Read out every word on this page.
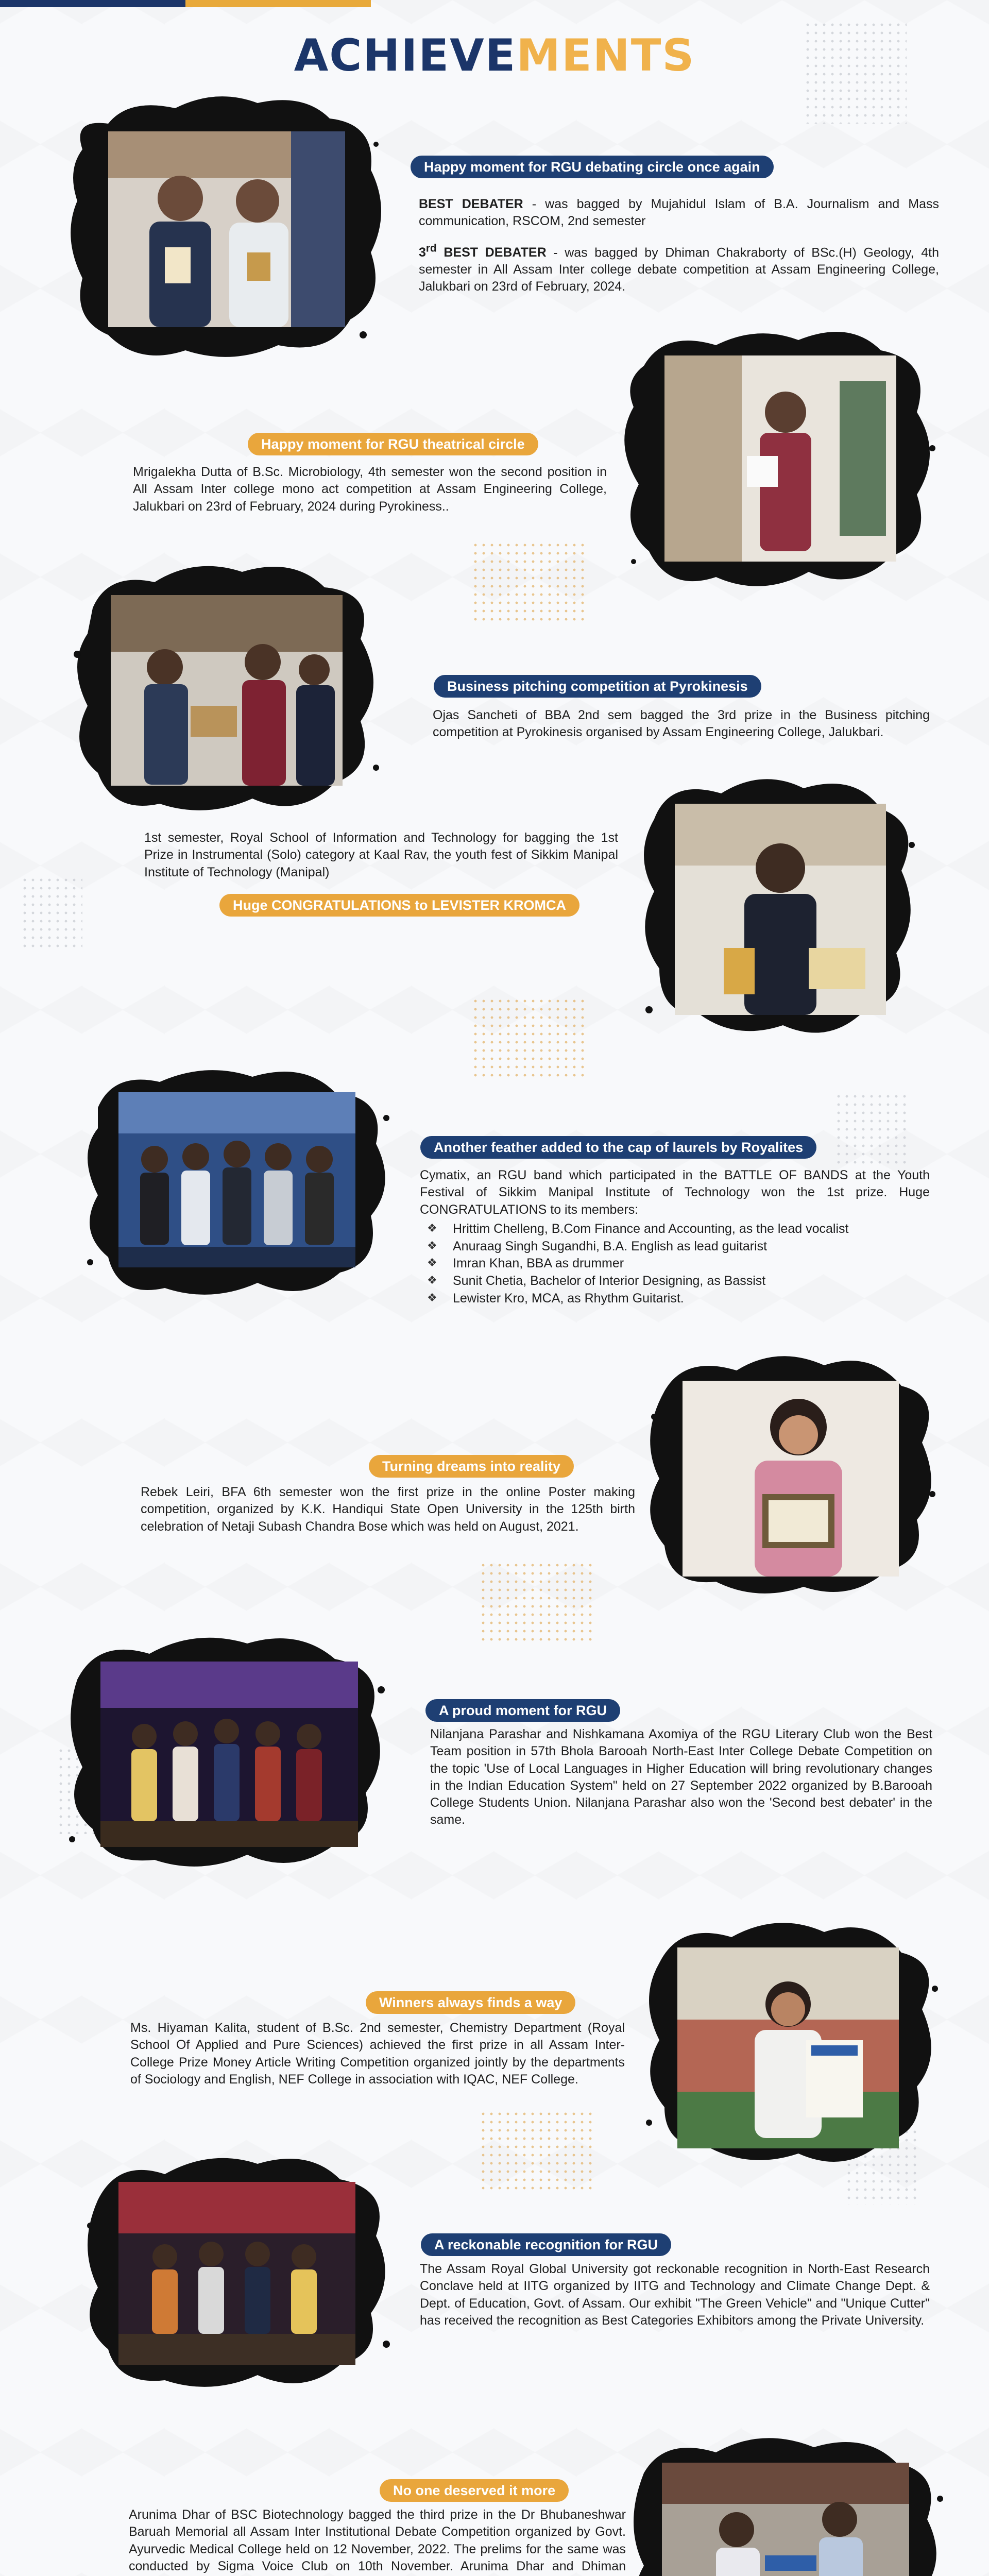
ACHIEVEMENTS
Happy moment for RGU debating circle once again

BEST DEBATER - was bagged by Mujahidul Islam of B.A. Journalism and Mass communication, RSCOM, 2nd semester

3rd BEST DEBATER - was bagged by Dhiman Chakraborty of BSc.(H) Geology, 4th semester in All Assam Inter college debate competition at Assam Engineering College, Jalukbari on 23rd of February, 2024.

Happy moment for RGU theatrical circle
Mrigalekha Dutta of B.Sc. Microbiology, 4th semester won the second position in All Assam Inter college mono act competition at Assam Engineering College, Jalukbari on 23rd of February, 2024 during Pyrokiness..
Business pitching competition at Pyrokinesis
Ojas Sancheti of BBA 2nd sem bagged the 3rd prize in the Business pitching competition at Pyrokinesis organised by Assam Engineering College, Jalukbari.
1st semester, Royal School of Information and Technology for bagging the 1st Prize in Instrumental (Solo) category at Kaal Rav, the youth fest of Sikkim Manipal Institute of Technology (Manipal)
Huge CONGRATULATIONS to LEVISTER KROMCA
Another feather added to the cap of laurels by Royalites

Cymatix, an RGU band which participated in the BATTLE OF BANDS at the Youth Festival of Sikkim Manipal Institute of Technology won the 1st prize. Huge CONGRATULATIONS to its members:

❖ Hrittim Chelleng, B.Com Finance and Accounting, as the lead vocalist
❖ Anuraag Singh Sugandhi, B.A. English as lead guitarist
❖ Imran Khan, BBA as drummer
❖ Sunit Chetia, Bachelor of Interior Designing, as Bassist
❖ Lewister Kro, MCA, as Rhythm Guitarist.
Turning dreams into reality
Rebek Leiri, BFA 6th semester won the first prize in the online Poster making competition, organized by K.K. Handiqui State Open University in the 125th birth celebration of Netaji Subash Chandra Bose which was held on August, 2021.
A proud moment for RGU
Nilanjana Parashar and Nishkamana Axomiya of the RGU Literary Club won the Best Team position in 57th Bhola Barooah North-East Inter College Debate Competition on the topic 'Use of Local Languages in Higher Education will bring revolutionary changes in the Indian Education System" held on 27 September 2022 organized by B.Barooah College Students Union. Nilanjana Parashar also won the 'Second best debater' in the same.
Winners always finds a way
Ms. Hiyaman Kalita, student of B.Sc. 2nd semester, Chemistry Department (Royal School Of Applied and Pure Sciences) achieved the first prize in all Assam Inter-College Prize Money Article Writing Competition organized jointly by the departments of Sociology and English, NEF College in association with IQAC, NEF College.
A reckonable recognition for RGU
The Assam Royal Global University got reckonable recognition in North-East Research Conclave held at IITG organized by IITG and Technology and Climate Change Dept. & Dept. of Education, Govt. of Assam. Our exhibit "The Green Vehicle" and "Unique Cutter" has received the recognition as Best Categories Exhibitors among the Private University.
No one deserved it more
Arunima Dhar of BSC Biotechnology bagged the third prize in the Dr Bhubaneshwar Baruah Memorial all Assam Inter Institutional Debate Competition organized by Govt. Ayurvedic Medical College held on 12 November, 2022. The prelims for the same was conducted by Sigma Voice Club on 10th November. Arunima Dhar and Dhiman
